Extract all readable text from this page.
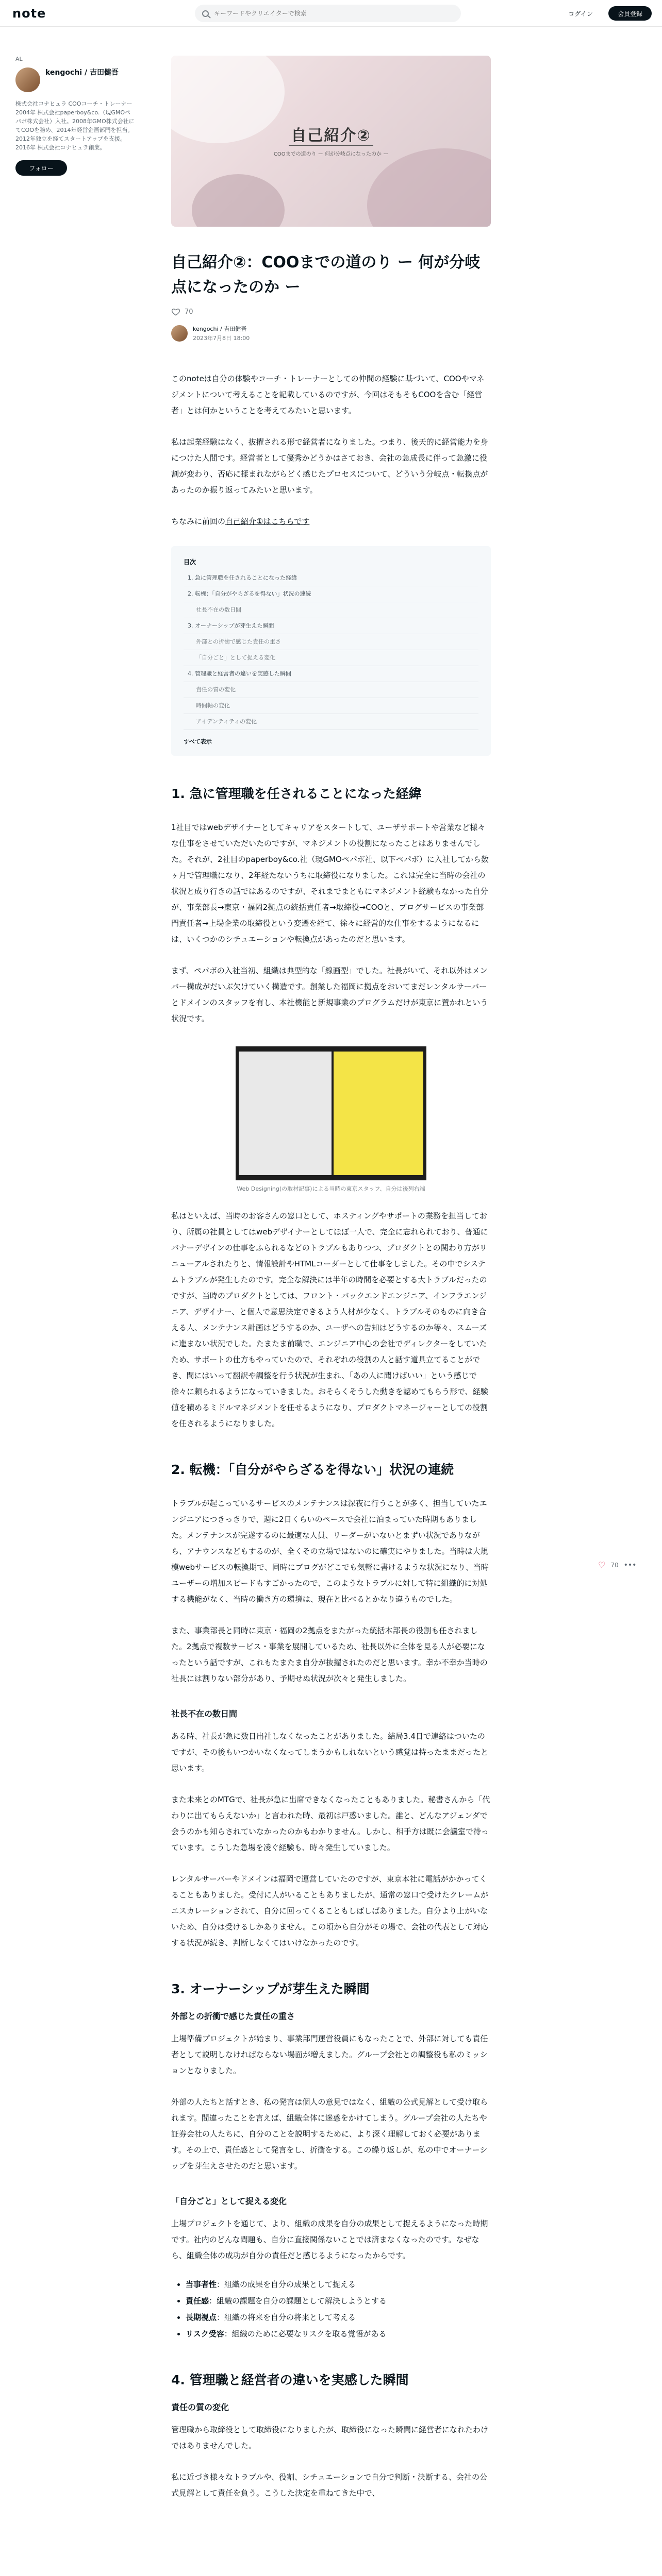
note
キーワードやクリエイターで検索	ログイン	会員登録
AL
kengochi / 吉田健吾

株式会社コナヒュラ COOコーチ・トレーナー 2004年 株式会社paperboy&co.（現GMOペパボ株式会社）入社。2008年GMO株式会社にてCOOを務め、2014年経営企画部門を担当。2012年独立を経てスタートアップを支援。2016年 株式会社コナヒュラ創業。

フォロー
自己紹介②
COOまでの道のり ー 何が分岐点になったのか ー
自己紹介②：COOまでの道のり ー 何が分岐点になったのか ー
70
kengochi / 吉田健吾
2023年7月8日 18:00

このnoteは自分の体験やコーチ・トレーナーとしての仲間の経験に基づいて、COOやマネジメントについて考えることを記載しているのですが、今回はそもそもCOOを含む「経営者」とは何かということを考えてみたいと思います。

私は起業経験はなく、抜擢される形で経営者になりました。つまり、後天的に経営能力を身につけた人間です。経営者として優秀かどうかはさておき、会社の急成長に伴って急激に役割が変わり、否応に揉まれながらどく感じたプロセスについて、どういう分岐点・転換点があったのか振り返ってみたいと思います。

ちなみに前回の自己紹介①はこちらです

目次
1. 急に管理職を任されることになった経緯
2. 転機：「自分がやらざるを得ない」状況の連続
社長不在の数日間
3. オーナーシップが芽生えた瞬間
外部との折衝で感じた責任の重さ
「自分ごと」として捉える変化
4. 管理職と経営者の違いを実感した瞬間
責任の質の変化
時間軸の変化
アイデンティティの変化
すべて表示
1. 急に管理職を任されることになった経緯

1社目ではwebデザイナーとしてキャリアをスタートして、ユーザサポートや営業など様々な仕事をさせていただいたのですが、マネジメントの役割になったことはありませんでした。それが、2社目のpaperboy&co.社（現GMOペパボ社、以下ペパボ）に入社してから数ヶ月で管理職になり、2年経たないうちに取締役になりました。これは完全に当時の会社の状況と成り行きの話ではあるのですが、それまでまともにマネジメント経験もなかった自分が、事業部長→東京・福岡2拠点の統括責任者→取締役→COOと、ブログサービスの事業部門責任者→上場企業の取締役という変遷を経て、徐々に経営的な仕事をするようになるには、いくつかのシチュエーションや転換点があったのだと思います。

まず、ペパボの入社当初、組織は典型的な「線画型」でした。社長がいて、それ以外はメンバー構成がだいぶ欠けていく構造です。創業した福岡に拠点をおいてまだレンタルサーバーとドメインのスタッフを有し、本社機能と新規事業のプログラムだけが東京に置かれという状況です。

Web Designing(の取材記事)による当時の東京スタッフ、自分は後列右端

私はといえば、当時のお客さんの窓口として、ホスティングやサポートの業務を担当しており、所属の社員としてはwebデザイナーとしてほぼ一人で、完全に忘れられており、普通にバナーデザインの仕事をふられるなどのトラブルもありつつ、プロダクトとの関わり方がリニューアルされたりと、情報設計やHTMLコーダーとして仕事をしました。その中でシステムトラブルが発生したのです。完全な解決には半年の時間を必要とする大トラブルだったのですが、当時のプロダクトとしては、フロント・バックエンドエンジニア、インフラエンジニア、デザイナー、と個人で意思決定できるよう人材が少なく、トラブルそのものに向き合える人、メンテナンス計画はどうするのか、ユーザへの告知はどうするのか等々、スムーズに進まない状況でした。たまたま前職で、エンジニア中心の会社でディレクターをしていたため、サポートの仕方もやっていたので、それぞれの役割の人と話す道具立てることができ、間にはいって翻訳や調整を行う状況が生まれ、「あの人に聞けばいい」という感じで徐々に頼られるようになっていきました。おそらくそうした動きを認めてもらう形で、経験値を積めるミドルマネジメントを任せるようになり、プロダクトマネージャーとしての役割を任されるようになりました。

2. 転機：「自分がやらざるを得ない」状況の連続

トラブルが起こっているサービスのメンテナンスは深夜に行うことが多く、担当していたエンジニアにつきっきりで、週に2日くらいのペースで会社に泊まっていた時期もありました。メンテナンスが完遂するのに最適な人員、リーダーがいないとまずい状況でありながら、アナウンスなどもするのが、全くその立場ではないのに確実にやりました。当時は大規模webサービスの転換期で、同時にブログがどこでも気軽に書けるような状況になり、当時ユーザーの増加スピードもすごかったので、このようなトラブルに対して特に組織的に対処する機能がなく、当時の働き方の環境は、現在と比べるとかなり違うものでした。

また、事業部長と同時に東京・福岡の2拠点をまたがった統括本部長の役割も任されました。2拠点で複数サービス・事業を展開しているため、社長以外に全体を見る人が必要になったという話ですが、これもたまたま自分が抜擢されたのだと思います。幸か不幸か当時の社長には割りない部分があり、予期せぬ状況が次々と発生しました。

社長不在の数日間

ある時、社長が急に数日出社しなくなったことがありました。結局3.4日で連絡はついたのですが、その後もいつかいなくなってしまうかもしれないという感覚は持ったままだったと思います。

また未来とのMTGで、社長が急に出席できなくなったこともありました。秘書さんから「代わりに出てもらえないか」と言われた時、最初は戸惑いました。誰と、どんなアジェンダで会うのかも知らされていなかったのかもわかりません。しかし、相手方は既に会議室で待っています。こうした急場を凌ぐ経験も、時々発生していました。

レンタルサーバーやドメインは福岡で運営していたのですが、東京本社に電話がかかってくることもありました。受付に人がいることもありましたが、通常の窓口で受けたクレームがエスカレーションされて、自分に回ってくることもしばしばありました。自分より上がいないため、自分は受けるしかありません。この頃から自分がその場で、会社の代表として対応する状況が続き、判断しなくてはいけなかったのです。

3. オーナーシップが芽生えた瞬間
外部との折衝で感じた責任の重さ

上場準備プロジェクトが始まり、事業部門運営役員にもなったことで、外部に対しても責任者として説明しなければならない場面が増えました。グループ会社との調整役も私のミッションとなりました。

外部の人たちと話すとき、私の発言は個人の意見ではなく、組織の公式見解として受け取られます。間違ったことを言えば、組織全体に迷惑をかけてしまう。グループ会社の人たちや証券会社の人たちに、自分のことを説明するために、より深く理解しておく必要があります。その上で、責任感として発言をし、折衝をする。この繰り返しが、私の中でオーナーシップを芽生えさせたのだと思います。

「自分ごと」として捉える変化

上場プロジェクトを通じて、より、組織の成果を自分の成果として捉えるようになった時期です。社内のどんな問題も、自分に直接関係ないことでは済まなくなったのです。なぜなら、組織全体の成功が自分の責任だと感じるようになったからです。

• 当事者性：組織の成果を自分の成果として捉える
• 責任感：組織の課題を自分の課題として解決しようとする
• 長期視点：組織の将来を自分の将来として考える
• リスク受容：組織のために必要なリスクを取る覚悟がある
4. 管理職と経営者の違いを実感した瞬間
責任の質の変化

管理職から取締役として取締役になりましたが、取締役になった瞬間に経営者になれたわけではありませんでした。

私に近づき様々なトラブルや、役割、シチュエーションで自分で判断・決断する、会社の公式見解として責任を負う。こうした決定を重ねてきた中で、

♡ 70 •••
